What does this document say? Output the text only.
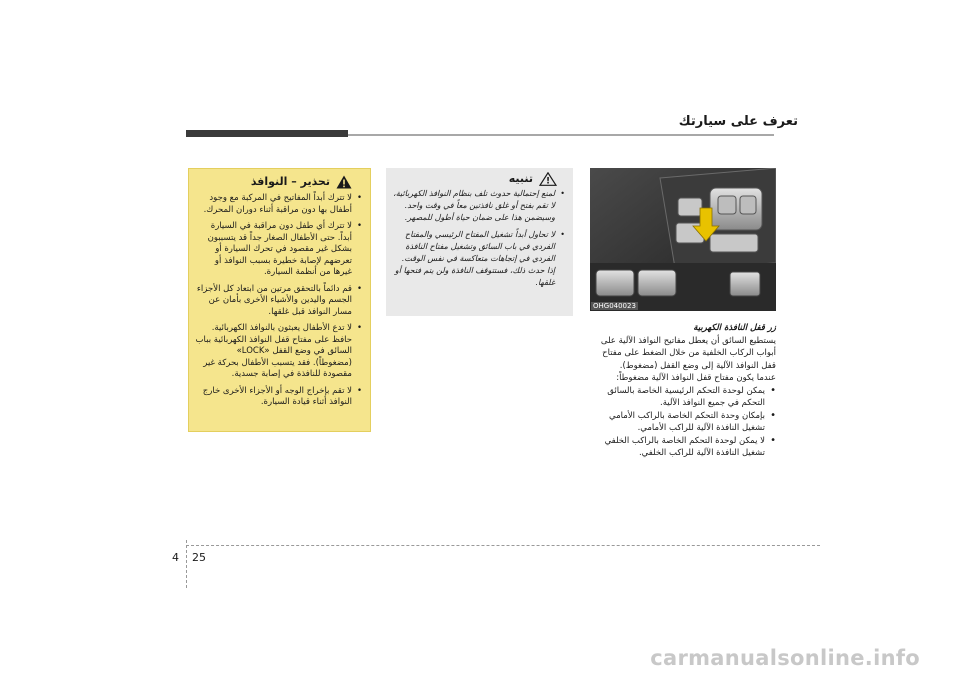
تعرف على سيارتك
تحذير – النوافذ
• لا تترك أبداً المفاتيح في المركبة مع وجود أطفال بها دون مراقبة أثناء دوران المحرك.
• لا تترك أي طفل دون مراقبة في السيارة أبداً. حتى الأطفال الصغار جداً قد يتسببون بشكل غير مقصود في تحرك السيارة أو تعرضهم لإصابة خطيرة بسبب النوافذ أو غيرها من أنظمة السيارة.
• قم دائماً بالتحقق مرتين من ابتعاد كل الأجزاء الجسم واليدين والأشياء الأخرى بأمان عن مسار النوافذ قبل غلقها.
• لا تدع الأطفال يعبثون بالنوافذ الكهربائية. حافظ على مفتاح قفل النوافذ الكهربائية بباب السائق في وضع القفل «LOCK» (مضغوطاً). فقد يتسبب الأطفال بحركة غير مقصودة للنافذة في إصابة جسدية.
• لا تقم بإخراج الوجه أو الأجزاء الأخرى خارج النوافذ أثناء قيادة السيارة.
!
تنبيه
• لمنع إحتمالية حدوث تلف بنظام النوافذ الكهربائية، لا تقم بفتح أو غلق نافذتين معاً في وقت واحد. وسيضمن هذا على ضمان حياة أطول للمصهر.
• لا تحاول أبداً تشغيل المفتاح الرئيسي والمفتاح الفردي في باب السائق وتشغيل مفتاح النافذة الفردي في إتجاهات متعاكسة في نفس الوقت. إذا حدث ذلك، فستتوقف النافذة ولن يتم فتحها أو غلقها.
OHG040023

زر قفل النافذة الكهربية

يستطيع السائق أن يعطل مفاتيح النوافذ الآلية على أبواب الركاب الخلفية من خلال الضغط على مفتاح قفل النوافذ الآلية إلى وضع القفل (مضغوط).

عندما يكون مفتاح قفل النوافذ الآلية مضغوطاً:

• يمكن لوحدة التحكم الرئيسية الخاصة بالسائق التحكم في جميع النوافذ الآلية.
• بإمكان وحدة التحكم الخاصة بالراكب الأمامي تشغيل النافذة الآلية للراكب الأمامي.
• لا يمكن لوحدة التحكم الخاصة بالراكب الخلفي تشغيل النافذة الآلية للراكب الخلفي.
4 25
carmanualsonline.info
